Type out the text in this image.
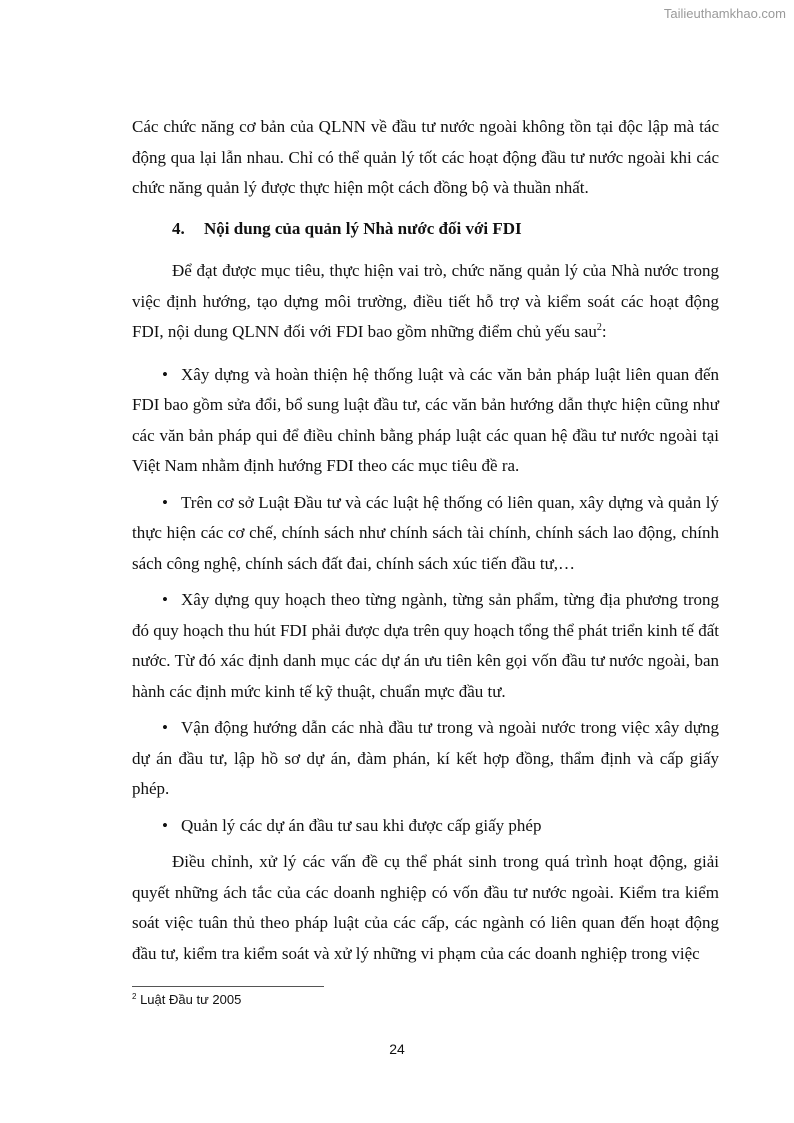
Tailieuthamkhao.com

Các chức năng cơ bản của QLNN về đầu tư nước ngoài không tồn tại độc lập mà tác động qua lại lẫn nhau. Chỉ có thể quản lý tốt các hoạt động đầu tư nước ngoài khi các chức năng quản lý được thực hiện một cách đồng bộ và thuần nhất.

4. Nội dung của quản lý Nhà nước đối với FDI

Để đạt được mục tiêu, thực hiện vai trò, chức năng quản lý của Nhà nước trong việc định hướng, tạo dựng môi trường, điều tiết hỗ trợ và kiểm soát các hoạt động FDI, nội dung QLNN đối với FDI bao gồm những điểm chủ yếu sau$^2$:

• Xây dựng và hoàn thiện hệ thống luật và các văn bản pháp luật liên quan đến FDI bao gồm sửa đổi, bổ sung luật đầu tư, các văn bản hướng dẫn thực hiện cũng như các văn bản pháp qui để điều chỉnh bằng pháp luật các quan hệ đầu tư nước ngoài tại Việt Nam nhằm định hướng FDI theo các mục tiêu đề ra.

• Trên cơ sở Luật Đầu tư và các luật hệ thống có liên quan, xây dựng và quản lý thực hiện các cơ chế, chính sách như chính sách tài chính, chính sách lao động, chính sách công nghệ, chính sách đất đai, chính sách xúc tiến đầu tư,…

• Xây dựng quy hoạch theo từng ngành, từng sản phẩm, từng địa phương trong đó quy hoạch thu hút FDI phải được dựa trên quy hoạch tổng thể phát triển kinh tế đất nước. Từ đó xác định danh mục các dự án ưu tiên kên gọi vốn đầu tư nước ngoài, ban hành các định mức kinh tế kỹ thuật, chuẩn mực đầu tư.

• Vận động hướng dẫn các nhà đầu tư trong và ngoài nước trong việc xây dựng dự án đầu tư, lập hồ sơ dự án, đàm phán, kí kết hợp đồng, thẩm định và cấp giấy phép.

• Quản lý các dự án đầu tư sau khi được cấp giấy phép

Điều chỉnh, xử lý các vấn đề cụ thể phát sinh trong quá trình hoạt động, giải quyết những ách tắc của các doanh nghiệp có vốn đầu tư nước ngoài. Kiểm tra kiểm soát việc tuân thủ theo pháp luật của các cấp, các ngành có liên quan đến hoạt động đầu tư, kiểm tra kiểm soát và xử lý những vi phạm của các doanh nghiệp trong việc

$^2$ Luật Đầu tư 2005
24
